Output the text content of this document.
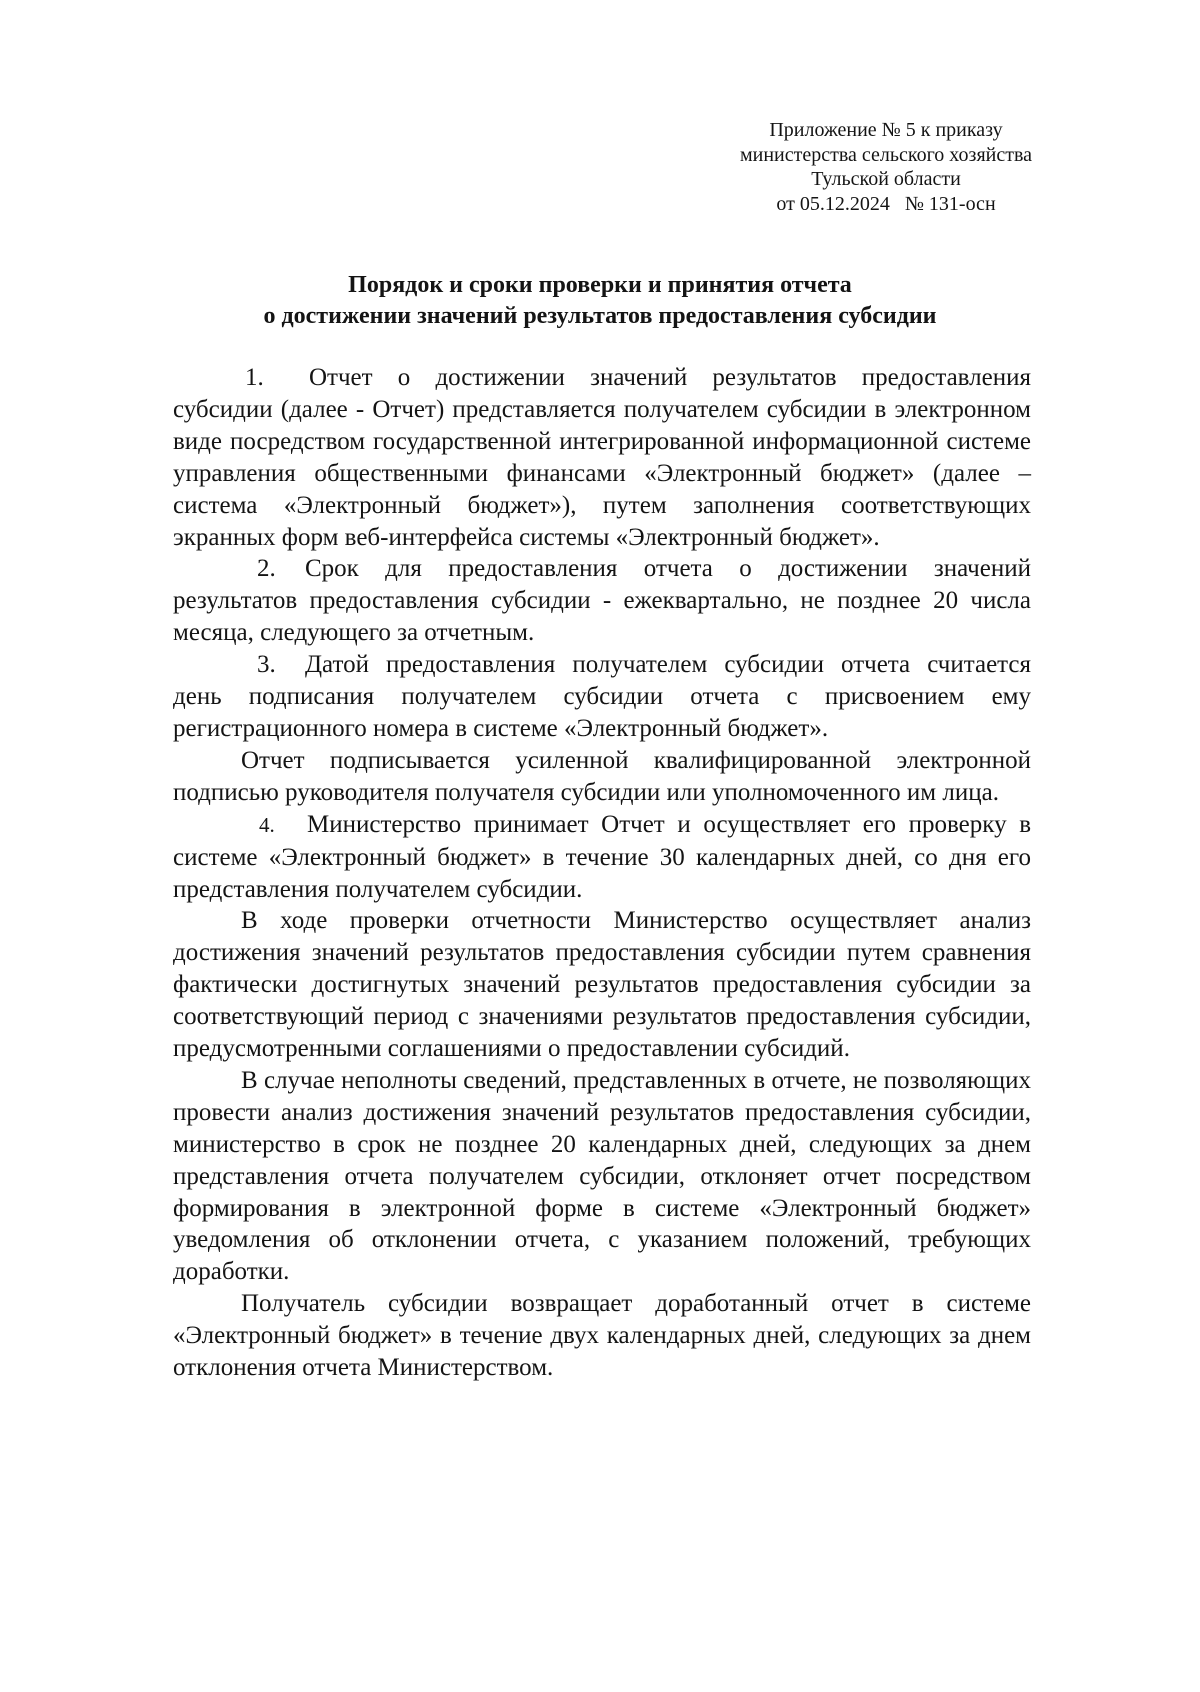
Приложение № 5 к приказу
министерства сельского хозяйства
Тульской области
от 05.12.2024   № 131-осн
Порядок и сроки проверки и принятия отчета
о достижении значений результатов предоставления субсидии

1. Отчет о достижении значений результатов предоставления субсидии (далее - Отчет) представляется получателем субсидии в электронном виде посредством государственной интегрированной информационной системе управления общественными финансами «Электронный бюджет» (далее – система «Электронный бюджет»), путем заполнения соответствующих экранных форм веб-интерфейса системы «Электронный бюджет».

2. Срок для предоставления отчета о достижении значений результатов предоставления субсидии - ежеквартально, не позднее 20 числа месяца, следующего за отчетным.

3. Датой предоставления получателем субсидии отчета считается день подписания получателем субсидии отчета с присвоением ему регистрационного номера в системе «Электронный бюджет».

Отчет подписывается усиленной квалифицированной электронной подписью руководителя получателя субсидии или уполномоченного им лица.

4. Министерство принимает Отчет и осуществляет его проверку в системе «Электронный бюджет» в течение 30 календарных дней, со дня его представления получателем субсидии.

В ходе проверки отчетности Министерство осуществляет анализ достижения значений результатов предоставления субсидии путем сравнения фактически достигнутых значений результатов предоставления субсидии за соответствующий период с значениями результатов предоставления субсидии, предусмотренными соглашениями о предоставлении субсидий.

В случае неполноты сведений, представленных в отчете, не позволяющих провести анализ достижения значений результатов предоставления субсидии, министерство в срок не позднее 20 календарных дней, следующих за днем представления отчета получателем субсидии, отклоняет отчет посредством формирования в электронной форме в системе «Электронный бюджет» уведомления об отклонении отчета, с указанием положений, требующих доработки.

Получатель субсидии возвращает доработанный отчет в системе «Электронный бюджет» в течение двух календарных дней, следующих за днем отклонения отчета Министерством.
